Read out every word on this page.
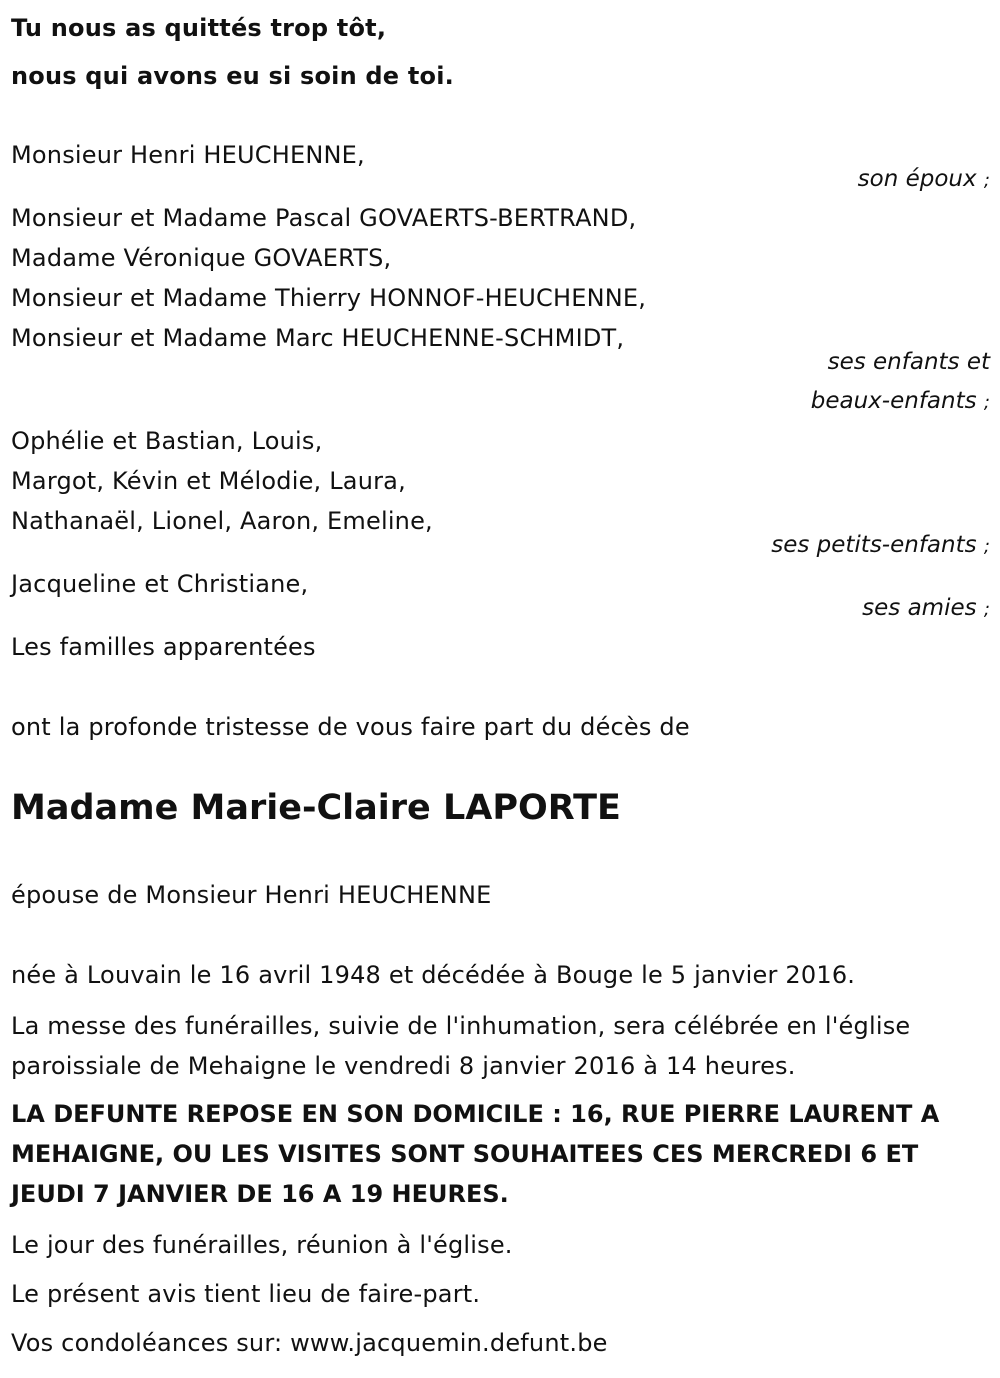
Tu nous as quittés trop tôt,
nous qui avons eu si soin de toi.
Monsieur Henri HEUCHENNE,
son époux ;
Monsieur et Madame Pascal GOVAERTS-BERTRAND,
Madame Véronique GOVAERTS,
Monsieur et Madame Thierry HONNOF-HEUCHENNE,
Monsieur et Madame Marc HEUCHENNE-SCHMIDT,
ses enfants et
beaux-enfants ;
Ophélie et Bastian, Louis,
Margot, Kévin et Mélodie, Laura,
Nathanaël, Lionel, Aaron, Emeline,
ses petits-enfants ;
Jacqueline et Christiane,
ses amies ;
Les familles apparentées
ont la profonde tristesse de vous faire part du décès de
Madame Marie-Claire LAPORTE
épouse de Monsieur Henri HEUCHENNE
née à Louvain le 16 avril 1948 et décédée à Bouge le 5 janvier 2016.
La messe des funérailles, suivie de l'inhumation, sera célébrée en l'église
paroissiale de Mehaigne le vendredi 8 janvier 2016 à 14 heures.
LA DEFUNTE REPOSE EN SON DOMICILE : 16, RUE PIERRE LAURENT A
MEHAIGNE, OU LES VISITES SONT SOUHAITEES CES MERCREDI 6 ET
JEUDI 7 JANVIER DE 16 A 19 HEURES.
Le jour des funérailles, réunion à l'église.
Le présent avis tient lieu de faire-part.
Vos condoléances sur: www.jacquemin.defunt.be
